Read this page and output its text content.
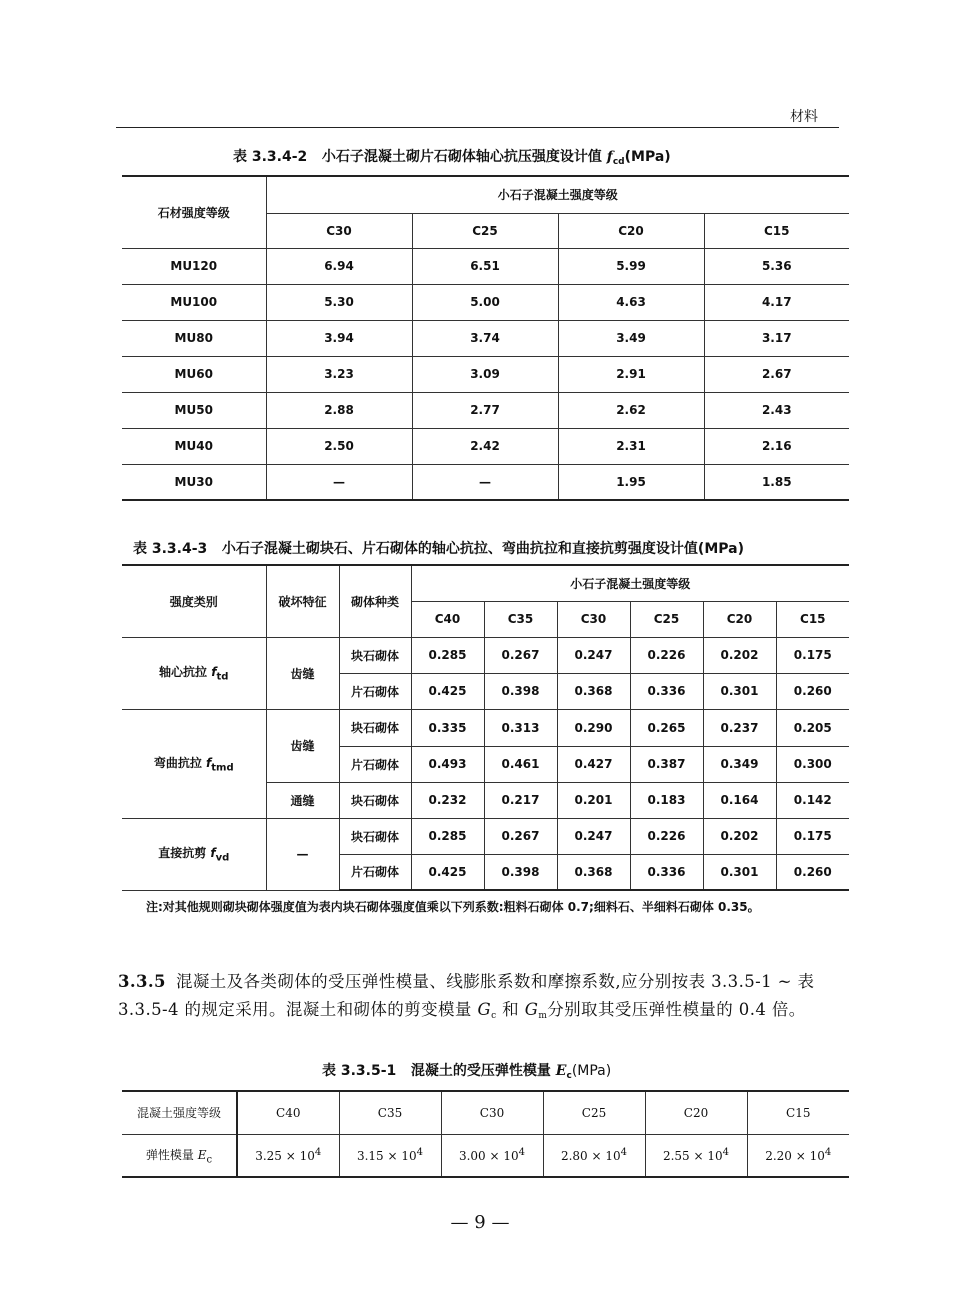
材料
表 3.3.4-2 小石子混凝土砌片石砌体轴心抗压强度设计值 $f_{cd}(MPa)$
石材强度等级	小石子混凝土强度等级			
	C30	C25	C20	C15
MU120	6.94	6.51	5.99	5.36
MU100	5.30	5.00	4.63	4.17
MU80	3.94	3.74	3.49	3.17
MU60	3.23	3.09	2.91	2.67
MU50	2.88	2.77	2.62	2.43
MU40	2.50	2.42	2.31	2.16
MU30	—	—	1.95	1.85
表 3.3.4-3 小石子混凝土砌块石、片石砌体的轴心抗拉、弯曲抗拉和直接抗剪强度设计值(MPa)
强度类别	破坏特征	砌体种类	小石子混凝土强度等级					
			C40	C35	C30	C25	C20	C15
轴心抗拉 $f_{td}$	齿缝	块石砌体	0.285	0.267	0.247	0.226	0.202	0.175
		片石砌体	0.425	0.398	0.368	0.336	0.301	0.260
弯曲抗拉 $f_{tmd}$	齿缝	块石砌体	0.335	0.313	0.290	0.265	0.237	0.205
		片石砌体	0.493	0.461	0.427	0.387	0.349	0.300
	通缝	块石砌体	0.232	0.217	0.201	0.183	0.164	0.142
直接抗剪 $f_{vd}$	—	块石砌体	0.285	0.267	0.247	0.226	0.202	0.175
		片石砌体	0.425	0.398	0.368	0.336	0.301	0.260
注:对其他规则砌块砌体强度值为表内块石砌体强度值乘以下列系数:粗料石砌体 0.7;细料石、半细料石砌体 0.35。
3.3.5 混凝土及各类砌体的受压弹性模量、线膨胀系数和摩擦系数,应分别按表 3.3.5-1 ~ 表 3.3.5-4 的规定采用。混凝土和砌体的剪变模量 $G_c$ 和 $G_m$分别取其受压弹性模量的 0.4 倍。
表 3.3.5-1 混凝土的受压弹性模量 $E_c(MPa)$
混凝土强度等级	C40	C35	C30	C25	C20	C15
弹性模量 $E_c$	$3.25 \times 10^4$	$3.15 \times 10^4$	$3.00 \times 10^4$	$2.80 \times 10^4$	$2.55 \times 10^4$	$2.20 \times 10^4$
— 9 —
